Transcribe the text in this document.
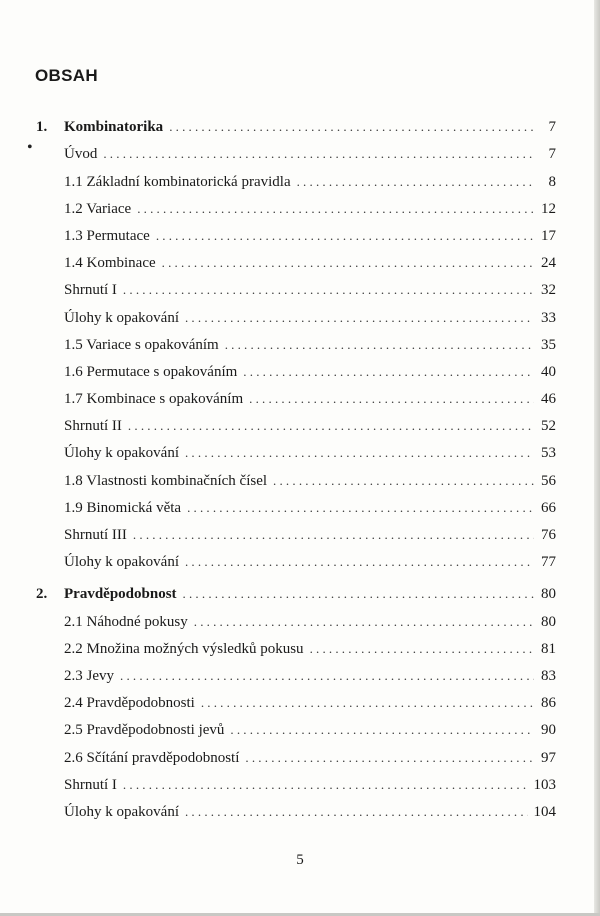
OBSAH
•
1.	Kombinatorika .....	7
Úvod .....	7
1.1 Základní kombinatorická pravidla .....	8
1.2 Variace .....	12
1.3 Permutace .....	17
1.4 Kombinace .....	24
Shrnutí I .....	32
Úlohy k opakování .....	33
1.5 Variace s opakováním .....	35
1.6 Permutace s opakováním .....	40
1.7 Kombinace s opakováním .....	46
Shrnutí II .....	52
Úlohy k opakování .....	53
1.8 Vlastnosti kombinačních čísel .....	56
1.9 Binomická věta .....	66
Shrnutí III .....	76
Úlohy k opakování .....	77
2.	Pravděpodobnost .....	80
2.1 Náhodné pokusy .....	80
2.2 Množina možných výsledků pokusu .....	81
2.3 Jevy .....	83
2.4 Pravděpodobnosti .....	86
2.5 Pravděpodobnosti jevů .....	90
2.6 Sčítání pravděpodobností .....	97
Shrnutí I .....	103
Úlohy k opakování .....	104
5
